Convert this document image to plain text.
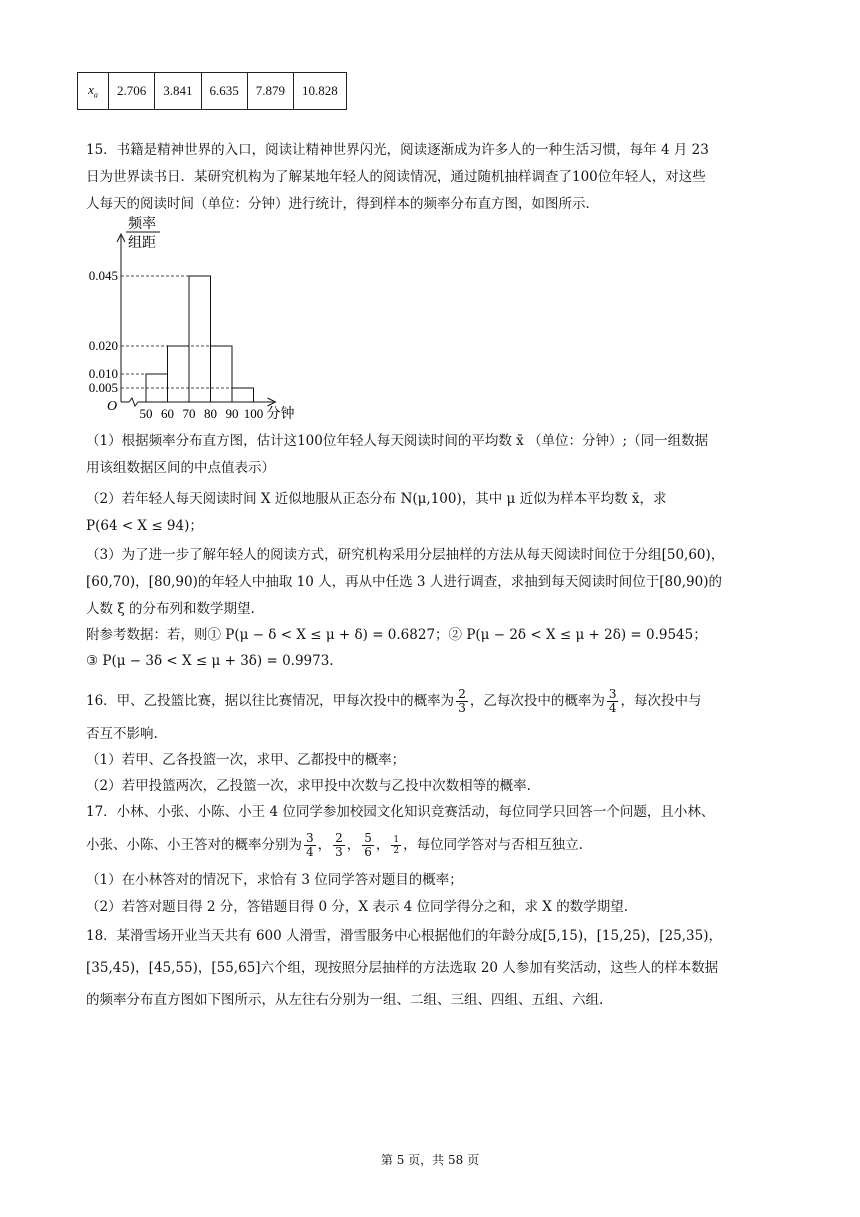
$x_a$	2.706	3.841	6.635	7.879	10.828
15．书籍是精神世界的入口，阅读让精神世界闪光，阅读逐渐成为许多人的一种生活习惯，每年 4 月 23
日为世界读书日．某研究机构为了解某地年轻人的阅读情况，通过随机抽样调查了100位年轻人，对这些
人每天的阅读时间（单位：分钟）进行统计，得到样本的频率分布直方图，如图所示．
频率
组距
O
0.045
0.020
0.010
0.005
50 60 70 80 90 100 分钟
（1）根据频率分布直方图，估计这100位年轻人每天阅读时间的平均数 x̄ （单位：分钟）;（同一组数据
用该组数据区间的中点值表示）
（2）若年轻人每天阅读时间 X 近似地服从正态分布 N(μ,100)，其中 μ 近似为样本平均数 x̄，求
P(64 < X ≤ 94)；
（3）为了进一步了解年轻人的阅读方式，研究机构采用分层抽样的方法从每天阅读时间位于分组[50,60)，
[60,70)，[80,90)的年轻人中抽取 10 人，再从中任选 3 人进行调查，求抽到每天阅读时间位于[80,90)的
人数 ξ 的分布列和数学期望.
附参考数据：若，则① P(μ − δ < X ≤ μ + δ) = 0.6827；② P(μ − 2δ < X ≤ μ + 2δ) = 0.9545；
③ P(μ − 3δ < X ≤ μ + 3δ) = 0.9973.
16．甲、乙投篮比赛，据以往比赛情况，甲每次投中的概率为 $\frac{2}{3}$ ，乙每次投中的概率为 $\frac{3}{4}$ ，每次投中与
否互不影响.
（1）若甲、乙各投篮一次，求甲、乙都投中的概率；
（2）若甲投篮两次，乙投篮一次，求甲投中次数与乙投中次数相等的概率.
17．小林、小张、小陈、小王 4 位同学参加校园文化知识竞赛活动，每位同学只回答一个问题，且小林、
小张、小陈、小王答对的概率分别为 $\frac{3}{4}$ ， $\frac{2}{3}$ ， $\frac{5}{6}$ ， $\frac{1}{2}$ ，每位同学答对与否相互独立.
（1）在小林答对的情况下，求恰有 3 位同学答对题目的概率；
（2）若答对题目得 2 分，答错题目得 0 分，X 表示 4 位同学得分之和，求 X 的数学期望.
18．某滑雪场开业当天共有 600 人滑雪，滑雪服务中心根据他们的年龄分成[5,15)，[15,25)，[25,35)，
[35,45)，[45,55)，[55,65]六个组，现按照分层抽样的方法选取 20 人参加有奖活动，这些人的样本数据
的频率分布直方图如下图所示，从左往右分别为一组、二组、三组、四组、五组、六组.
第 5 页，共 58 页
